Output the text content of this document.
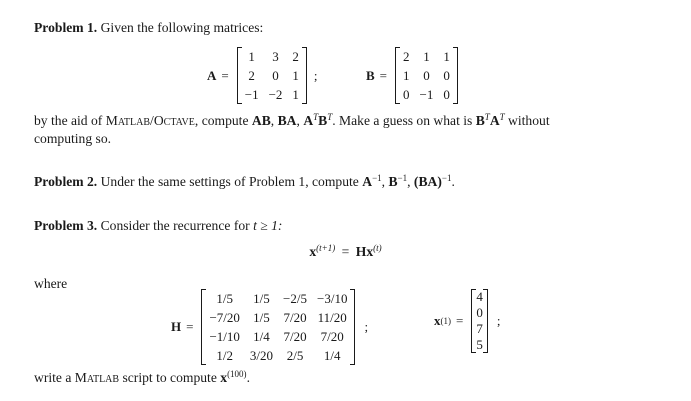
Problem 1. Given the following matrices:
A =
1	3	2
2	0	1
−1	−2	1
;	B =
2	1	1
1	0	0
0	−1	0
by the aid of Matlab/Octave, compute AB, BA, $A^TB^T$. Make a guess on what is $B^TA^T$ without
computing so.
Problem 2. Under the same settings of Problem 1, compute $A^{-1}$, $B^{-1}$, (BA)$^{-1}$.
Problem 3. Consider the recurrence for t ≥ 1:
$x^{(t+1)} = Hx^{(t)}$
where
H =
1/5	1/5	−2/5	−3/10
−7/20	1/5	7/20	11/20
−1/10	1/4	7/20	7/20
1/2	3/20	2/5	1/4
;	x (1) =
4
0
7
5
;
write a Matlab script to compute $x^{(100)}$.
